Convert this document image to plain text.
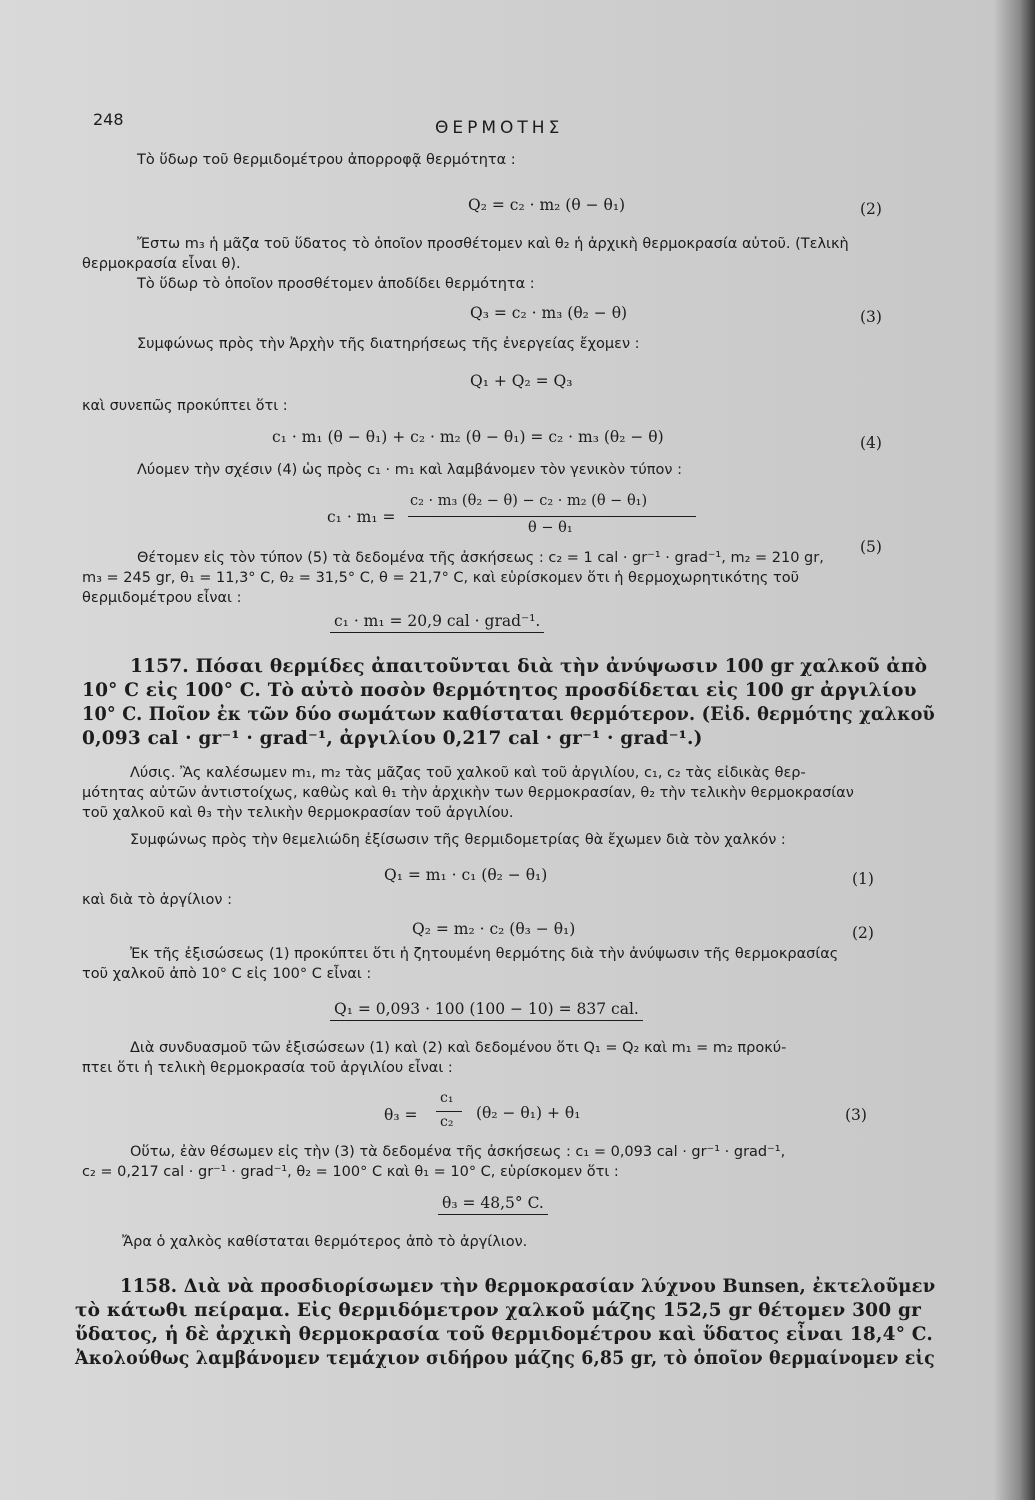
248	ΘΕΡΜΟΤΗΣ
Τὸ ὕδωρ τοῦ θερμιδομέτρου ἀπορροφᾷ θερμότητα :
Q₂ = c₂ · m₂ (θ − θ₁)	(2)
Ἔστω m₃ ἡ μᾶζα τοῦ ὕδατος τὸ ὁποῖον προσθέτομεν καὶ θ₂ ἡ ἀρχικὴ θερμοκρασία αὐτοῦ. (Τελικὴ
θερμοκρασία εἶναι θ).
Τὸ ὕδωρ τὸ ὁποῖον προσθέτομεν ἀποδίδει θερμότητα :
Q₃ = c₂ · m₃ (θ₂ − θ)	(3)
Συμφώνως πρὸς τὴν Ἀρχὴν τῆς διατηρήσεως τῆς ἐνεργείας ἔχομεν :
Q₁ + Q₂ = Q₃
καὶ συνεπῶς προκύπτει ὅτι :
c₁ · m₁ (θ − θ₁) + c₂ · m₂ (θ − θ₁) = c₂ · m₃ (θ₂ − θ)	(4)
Λύομεν τὴν σχέσιν (4) ὡς πρὸς c₁ · m₁ καὶ λαμβάνομεν τὸν γενικὸν τύπον :
c₁ · m₁ =
c₂ · m₃ (θ₂ − θ) − c₂ · m₂ (θ − θ₁)
θ − θ₁
(5)
Θέτομεν εἰς τὸν τύπον (5) τὰ δεδομένα τῆς ἀσκήσεως : c₂ = 1 cal · gr⁻¹ · grad⁻¹, m₂ = 210 gr,
m₃ = 245 gr, θ₁ = 11,3° C, θ₂ = 31,5° C, θ = 21,7° C, καὶ εὑρίσκομεν ὅτι ἡ θερμοχωρητικότης τοῦ
θερμιδομέτρου εἶναι :
c₁ · m₁ = 20,9 cal · grad⁻¹.
1157. Πόσαι θερμίδες ἀπαιτοῦνται διὰ τὴν ἀνύψωσιν 100 gr χαλκοῦ ἀπὸ
10° C εἰς 100° C. Τὸ αὐτὸ ποσὸν θερμότητος προσδίδεται εἰς 100 gr ἀργιλίου
10° C. Ποῖον ἐκ τῶν δύο σωμάτων καθίσταται θερμότερον. (Εἰδ. θερμότης χαλκοῦ
0,093 cal · gr⁻¹ · grad⁻¹, ἀργιλίου 0,217 cal · gr⁻¹ · grad⁻¹.)
Λύσις. Ἂς καλέσωμεν m₁, m₂ τὰς μᾶζας τοῦ χαλκοῦ καὶ τοῦ ἀργιλίου, c₁, c₂ τὰς εἰδικὰς θερ-
μότητας αὐτῶν ἀντιστοίχως, καθὼς καὶ θ₁ τὴν ἀρχικὴν των θερμοκρασίαν, θ₂ τὴν τελικὴν θερμοκρασίαν
τοῦ χαλκοῦ καὶ θ₃ τὴν τελικὴν θερμοκρασίαν τοῦ ἀργιλίου.
Συμφώνως πρὸς τὴν θεμελιώδη ἐξίσωσιν τῆς θερμιδομετρίας θὰ ἔχωμεν διὰ τὸν χαλκόν :
Q₁ = m₁ · c₁ (θ₂ − θ₁)	(1)
καὶ διὰ τὸ ἀργίλιον :
Q₂ = m₂ · c₂ (θ₃ − θ₁)	(2)
Ἐκ τῆς ἐξισώσεως (1) προκύπτει ὅτι ἡ ζητουμένη θερμότης διὰ τὴν ἀνύψωσιν τῆς θερμοκρασίας
τοῦ χαλκοῦ ἀπὸ 10° C εἰς 100° C εἶναι :
Q₁ = 0,093 · 100 (100 − 10) = 837 cal.
Διὰ συνδυασμοῦ τῶν ἐξισώσεων (1) καὶ (2) καὶ δεδομένου ὅτι Q₁ = Q₂ καὶ m₁ = m₂ προκύ-
πτει ὅτι ἡ τελικὴ θερμοκρασία τοῦ ἀργιλίου εἶναι :
θ₃ =
c₁
c₂ (θ₂ − θ₁) + θ₁	(3)
Οὕτω, ἐὰν θέσωμεν εἰς τὴν (3) τὰ δεδομένα τῆς ἀσκήσεως : c₁ = 0,093 cal · gr⁻¹ · grad⁻¹,
c₂ = 0,217 cal · gr⁻¹ · grad⁻¹, θ₂ = 100° C καὶ θ₁ = 10° C, εὑρίσκομεν ὅτι :
θ₃ = 48,5° C.
Ἄρα ὁ χαλκὸς καθίσταται θερμότερος ἀπὸ τὸ ἀργίλιον.
1158. Διὰ νὰ προσδιορίσωμεν τὴν θερμοκρασίαν λύχνου Bunsen, ἐκτελοῦμεν
τὸ κάτωθι πείραμα. Εἰς θερμιδόμετρον χαλκοῦ μάζης 152,5 gr θέτομεν 300 gr
ὕδατος, ἡ δὲ ἀρχικὴ θερμοκρασία τοῦ θερμιδομέτρου καὶ ὕδατος εἶναι 18,4° C.
Ἀκολούθως λαμβάνομεν τεμάχιον σιδήρου μάζης 6,85 gr, τὸ ὁποῖον θερμαίνομεν εἰς
